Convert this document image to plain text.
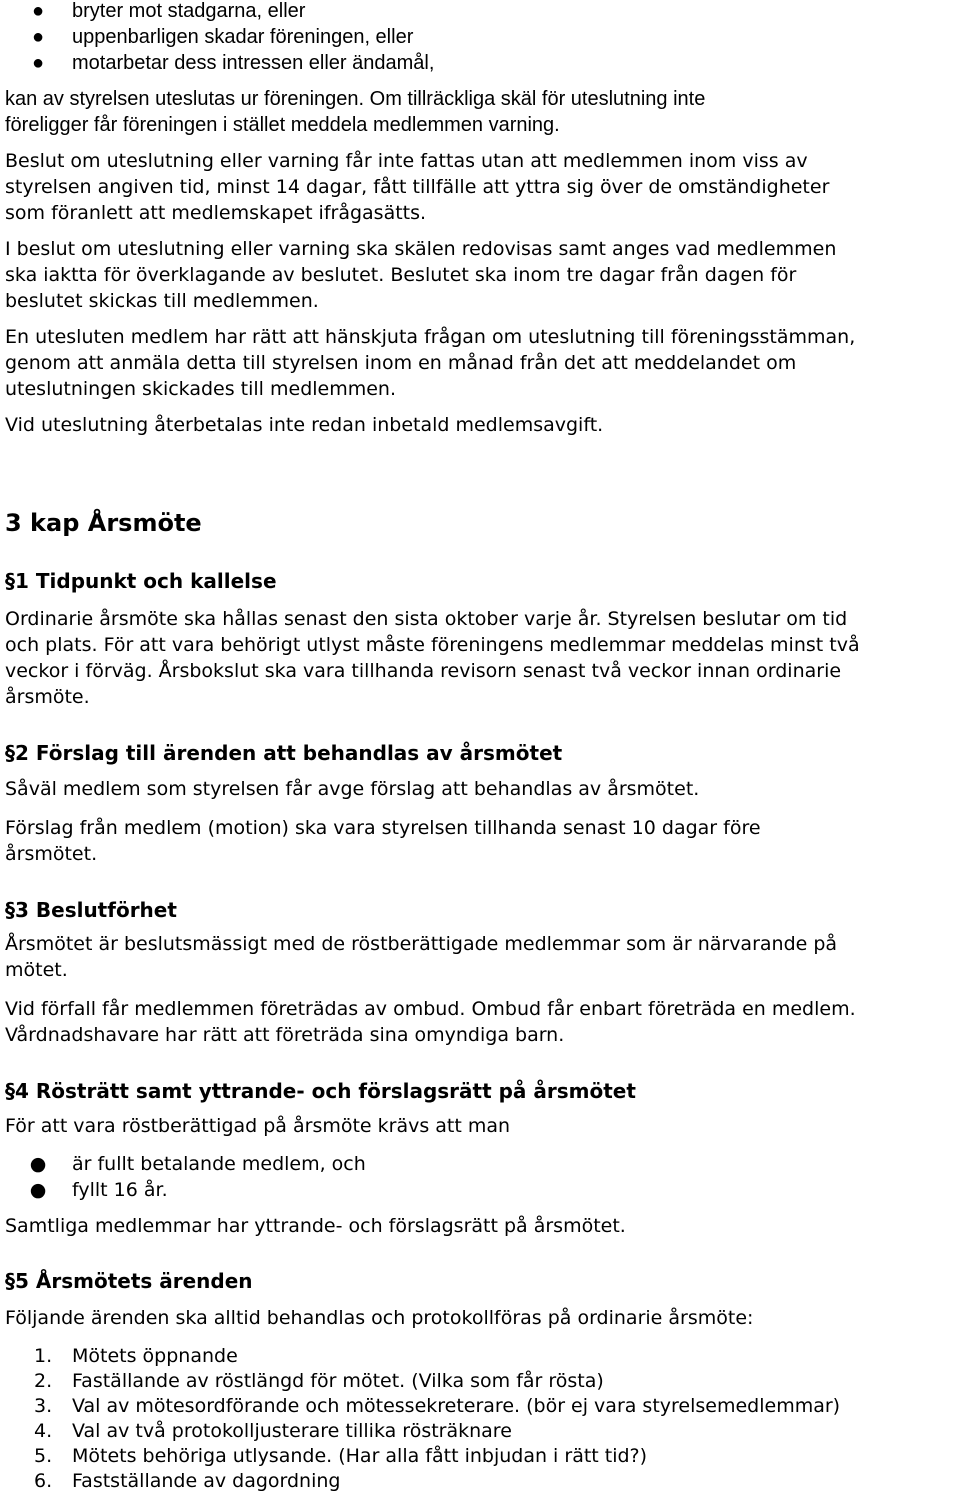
● bryter mot stadgarna, eller
● uppenbarligen skadar föreningen, eller
● motarbetar dess intressen eller ändamål,

kan av styrelsen uteslutas ur föreningen. Om tillräckliga skäl för uteslutning inte
föreligger får föreningen i stället meddela medlemmen varning.

Beslut om uteslutning eller varning får inte fattas utan att medlemmen inom viss av
styrelsen angiven tid, minst 14 dagar, fått tillfälle att yttra sig över de omständigheter
som föranlett att medlemskapet ifrågasätts.

I beslut om uteslutning eller varning ska skälen redovisas samt anges vad medlemmen
ska iaktta för överklagande av beslutet. Beslutet ska inom tre dagar från dagen för
beslutet skickas till medlemmen.

En utesluten medlem har rätt att hänskjuta frågan om uteslutning till föreningsstämman,
genom att anmäla detta till styrelsen inom en månad från det att meddelandet om
uteslutningen skickades till medlemmen.

Vid uteslutning återbetalas inte redan inbetald medlemsavgift.

3 kap Årsmöte

§1 Tidpunkt och kallelse

Ordinarie årsmöte ska hållas senast den sista oktober varje år. Styrelsen beslutar om tid
och plats. För att vara behörigt utlyst måste föreningens medlemmar meddelas minst två
veckor i förväg. Årsbokslut ska vara tillhanda revisorn senast två veckor innan ordinarie
årsmöte.

§2 Förslag till ärenden att behandlas av årsmötet

Såväl medlem som styrelsen får avge förslag att behandlas av årsmötet.

Förslag från medlem (motion) ska vara styrelsen tillhanda senast 10 dagar före
årsmötet.

§3 Beslutförhet

Årsmötet är beslutsmässigt med de röstberättigade medlemmar som är närvarande på
mötet.

Vid förfall får medlemmen företrädas av ombud. Ombud får enbart företräda en medlem.
Vårdnadshavare har rätt att företräda sina omyndiga barn.

§4 Rösträtt samt yttrande- och förslagsrätt på årsmötet

För att vara röstberättigad på årsmöte krävs att man

● är fullt betalande medlem, och
● fyllt 16 år.

Samtliga medlemmar har yttrande- och förslagsrätt på årsmötet.

§5 Årsmötets ärenden

Följande ärenden ska alltid behandlas och protokollföras på ordinarie årsmöte:

1. Mötets öppnande
2. Faställande av röstlängd för mötet. (Vilka som får rösta)
3. Val av mötesordförande och mötessekreterare. (bör ej vara styrelsemedlemmar)
4. Val av två protokolljusterare tillika rösträknare
5. Mötets behöriga utlysande. (Har alla fått inbjudan i rätt tid?)
6. Fastställande av dagordning
